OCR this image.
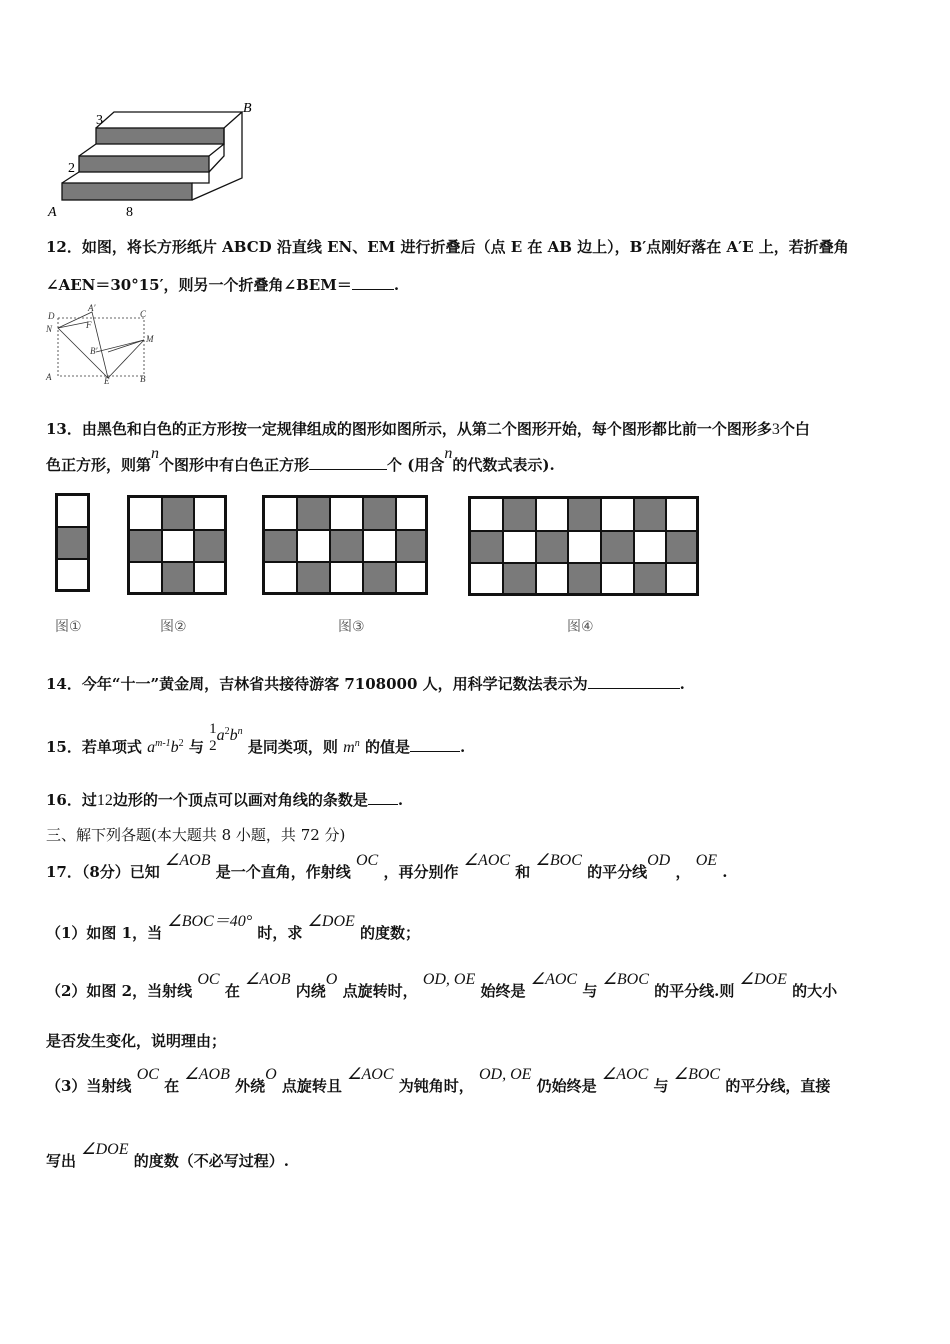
B
3
2
A	8
12．如图，将长方形纸片 ABCD 沿直线 EN、EM 进行折叠后（点 E 在 AB 边上），B′点刚好落在 A′E 上，若折叠角
∠AEN＝30°15′，则另一个折叠角∠BEM＝	.
D
N
A′
F
C
M
B′
A	E	B
13．由黑色和白色的正方形按一定规律组成的图形如图所示，从第二个图形开始，每个图形都比前一个图形多3个白
色正方形，则第n个图形中有白色正方形	个 (用含n的代数式表示).
图①	图②	图③	图④
14．今年“十一”黄金周，吉林省共接待游客 7108000 人，用科学记数法表示为	.
15．若单项式 $a^{m-1}b^2$ 与
1
2
$a^2b^n$ 是同类项，则 $m^n$ 的值是	.
16．过12边形的一个顶点可以画对角线的条数是 .
三、解下列各题(本大题共 8 小题，共 72 分)
17．（8分）已知 ∠AOB 是一个直角，作射线 OC ，再分别作 ∠AOC 和 ∠BOC 的平分线OD ， OE .
（1）如图 1，当 ∠BOC＝40° 时，求 ∠DOE 的度数；
（2）如图 2，当射线 OC 在 ∠AOB 内绕O 点旋转时， OD, OE 始终是 ∠AOC 与 ∠BOC 的平分线.则 ∠DOE 的大小
是否发生变化，说明理由；
（3）当射线 OC 在 ∠AOB 外绕O 点旋转且 ∠AOC 为钝角时， OD, OE 仍始终是 ∠AOC 与 ∠BOC 的平分线，直接
写出 ∠DOE 的度数（不必写过程）.
